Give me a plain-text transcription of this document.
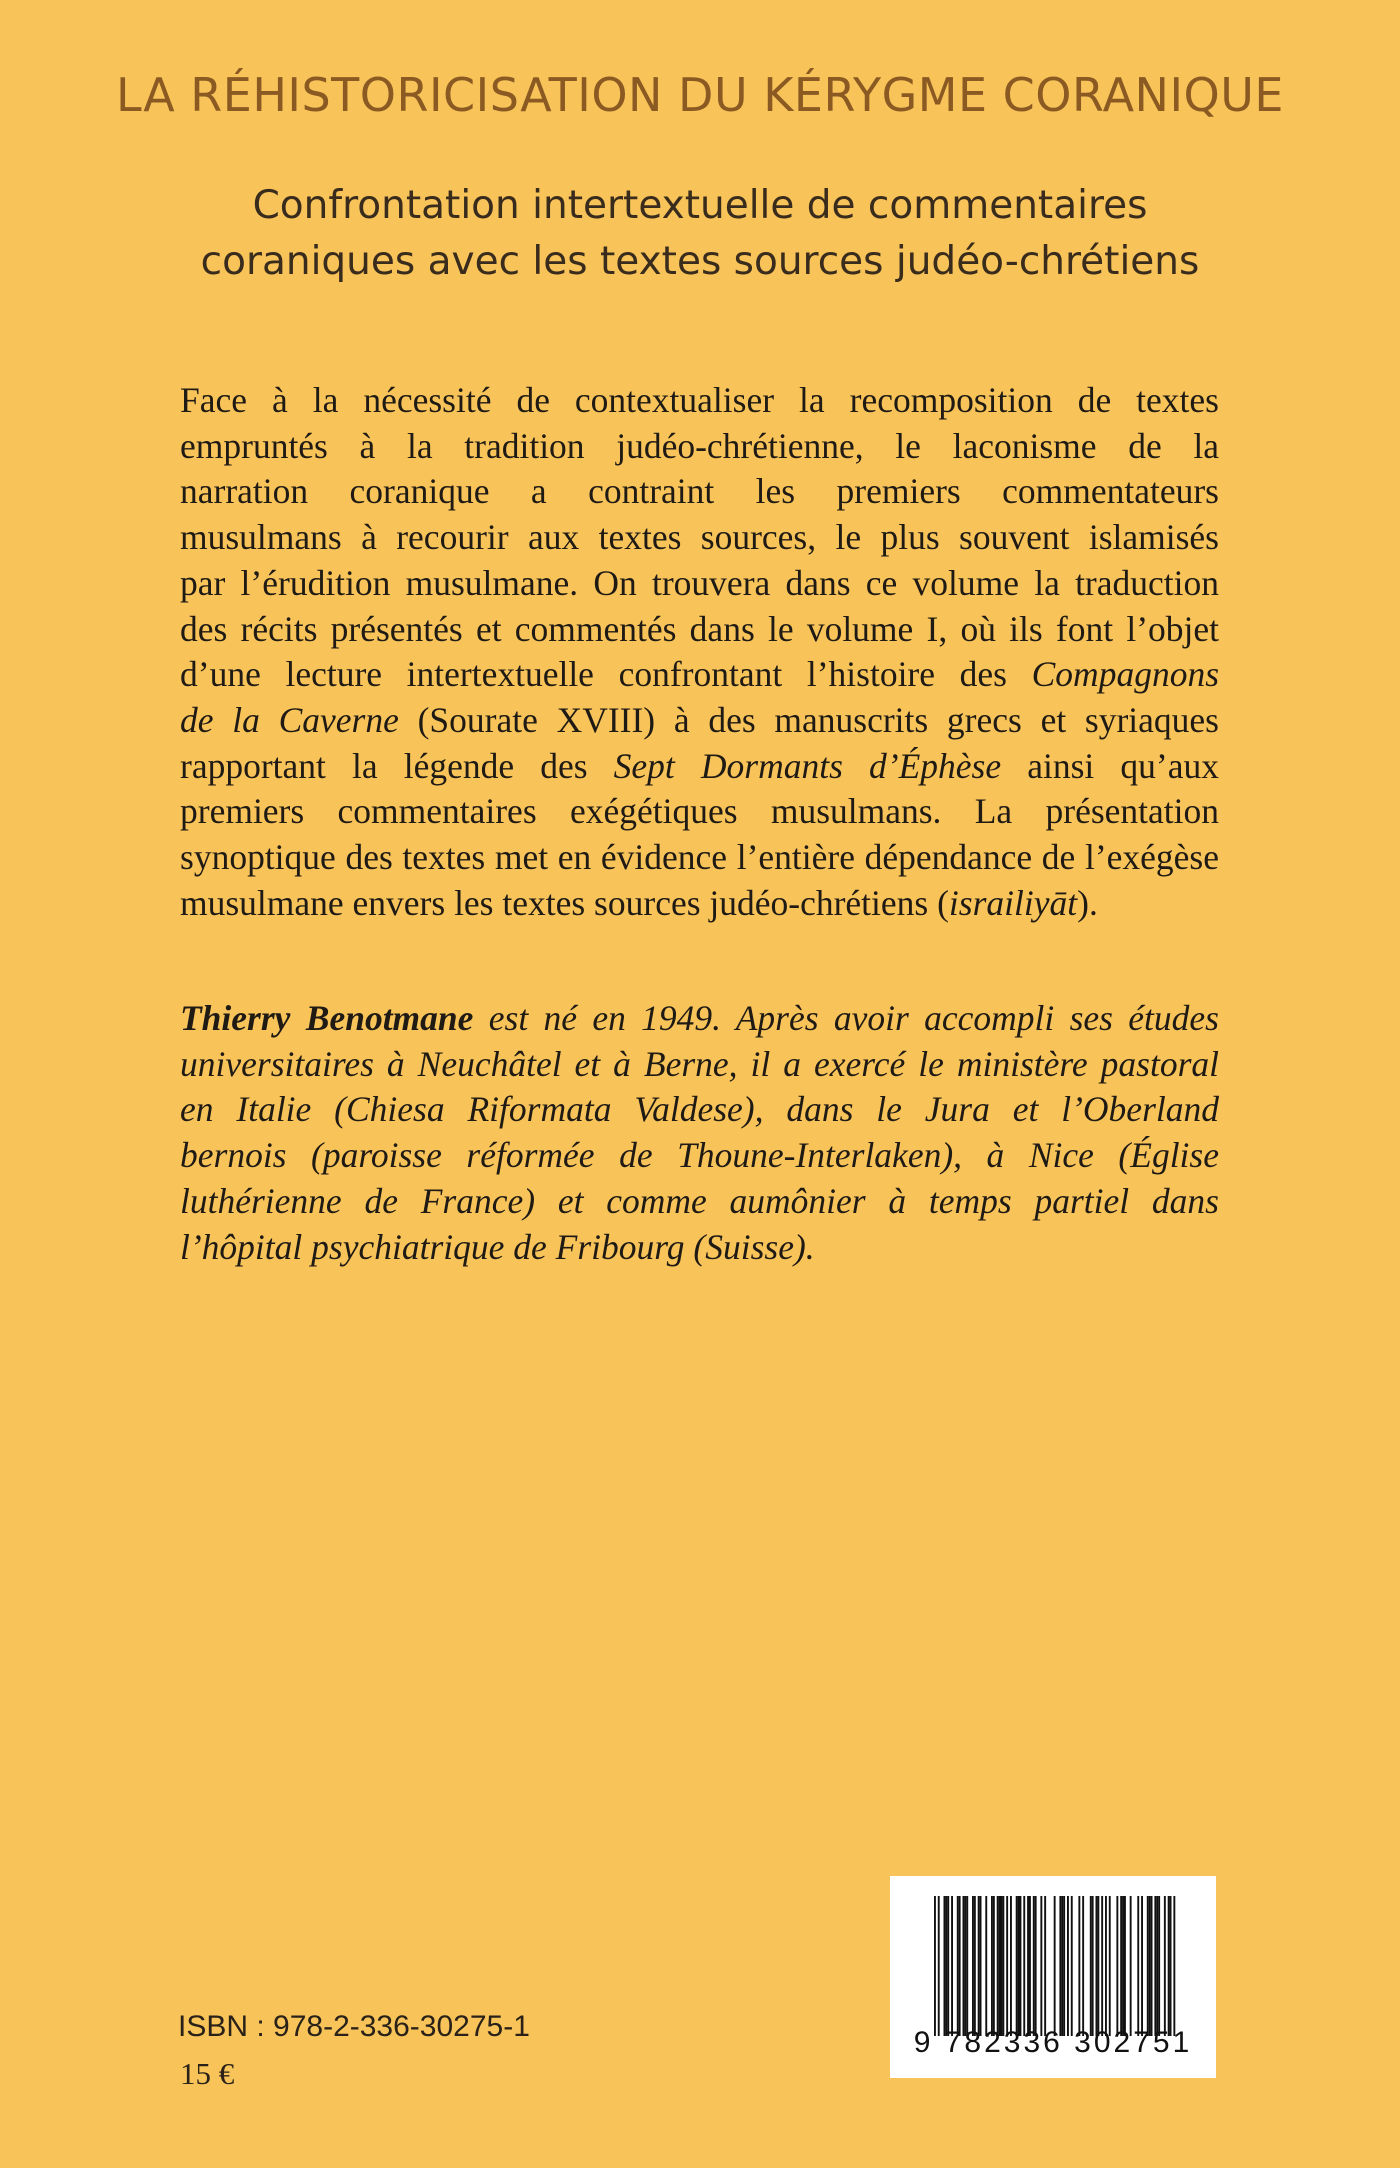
LA RÉHISTORICISATION DU KÉRYGME CORANIQUE
Confrontation intertextuelle de commentaires
coraniques avec les textes sources judéo-chrétiens
Face à la nécessité de contextualiser la recomposition de textes
empruntés à la tradition judéo-chrétienne, le laconisme de la
narration coranique a contraint les premiers commentateurs
musulmans à recourir aux textes sources, le plus souvent islamisés
par l’érudition musulmane. On trouvera dans ce volume la traduction
des récits présentés et commentés dans le volume I, où ils font l’objet
d’une lecture intertextuelle confrontant l’histoire des Compagnons
de la Caverne (Sourate XVIII) à des manuscrits grecs et syriaques
rapportant la légende des Sept Dormants d’Éphèse ainsi qu’aux
premiers commentaires exégétiques musulmans. La présentation
synoptique des textes met en évidence l’entière dépendance de l’exégèse
musulmane envers les textes sources judéo-chrétiens (israiliyāt).
Thierry Benotmane est né en 1949. Après avoir accompli ses études
universitaires à Neuchâtel et à Berne, il a exercé le ministère pastoral
en Italie (Chiesa Riformata Valdese), dans le Jura et l’Oberland
bernois (paroisse réformée de Thoune-Interlaken), à Nice (Église
luthérienne de France) et comme aumônier à temps partiel dans
l’hôpital psychiatrique de Fribourg (Suisse).
ISBN : 978-2-336-30275-1
15 €
9 782336 302751
